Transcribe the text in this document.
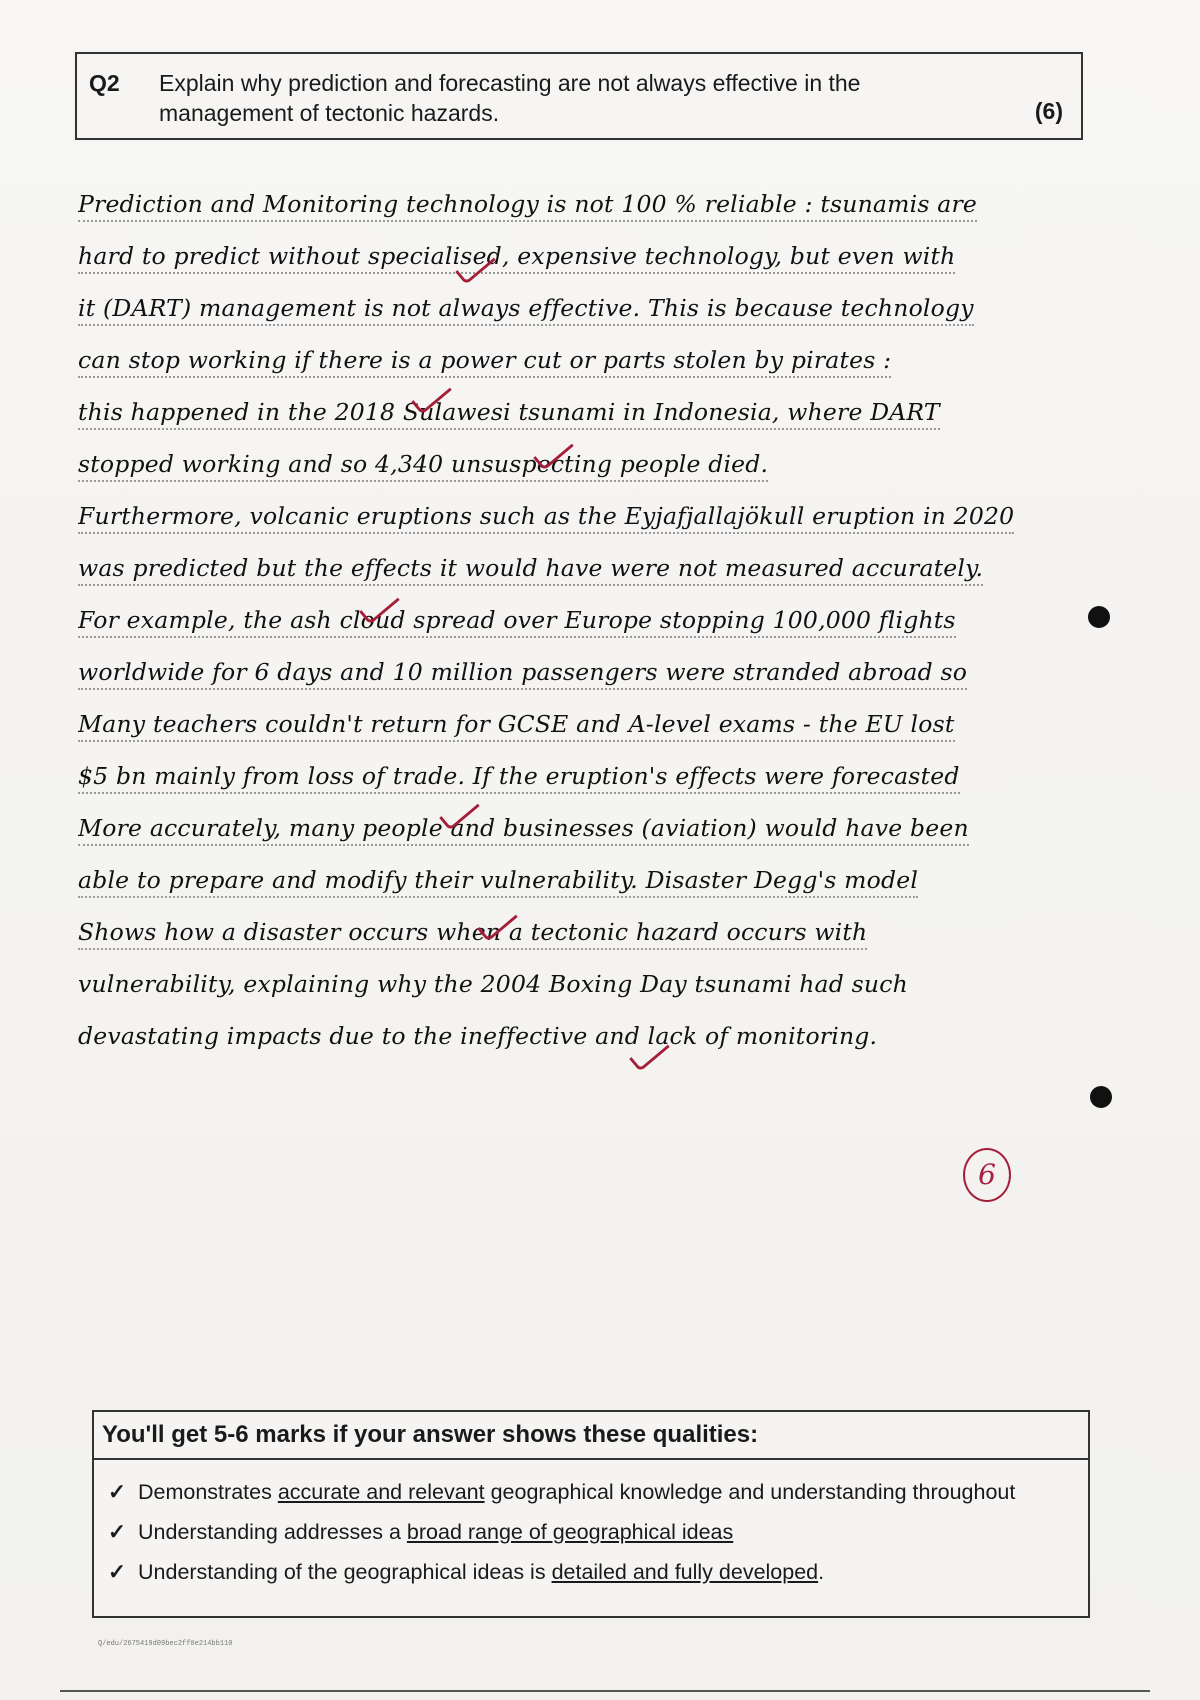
Q2 Explain why prediction and forecasting are not always effective in the management of tectonic hazards.	(6)
Prediction and Monitoring technology is not 100 % reliable : tsunamis are
hard to predict without specialised, expensive technology, but even with
it (DART) management is not always effective. This is because technology
can stop working if there is a power cut or parts stolen by pirates :
this happened in the 2018 Sulawesi tsunami in Indonesia, where DART
stopped working and so 4,340 unsuspecting people died.
Furthermore, volcanic eruptions such as the Eyjafjallajökull eruption in 2020
was predicted but the effects it would have were not measured accurately.
For example, the ash cloud spread over Europe stopping 100,000 flights
worldwide for 6 days and 10 million passengers were stranded abroad so
Many teachers couldn't return for GCSE and A-level exams - the EU lost
$5 bn mainly from loss of trade. If the eruption's effects were forecasted
More accurately, many people and businesses (aviation) would have been
able to prepare and modify their vulnerability. Disaster Degg's model
Shows how a disaster occurs when a tectonic hazard occurs with
vulnerability, explaining why the 2004 Boxing Day tsunami had such
devastating impacts due to the ineffective and lack of monitoring.
6
You'll get 5-6 marks if your answer shows these qualities:
✓ Demonstrates accurate and relevant geographical knowledge and understanding throughout
✓ Understanding addresses a broad range of geographical ideas
✓ Understanding of the geographical ideas is detailed and fully developed.
Q/edu/2675419d09bec2ff0e214bb110
